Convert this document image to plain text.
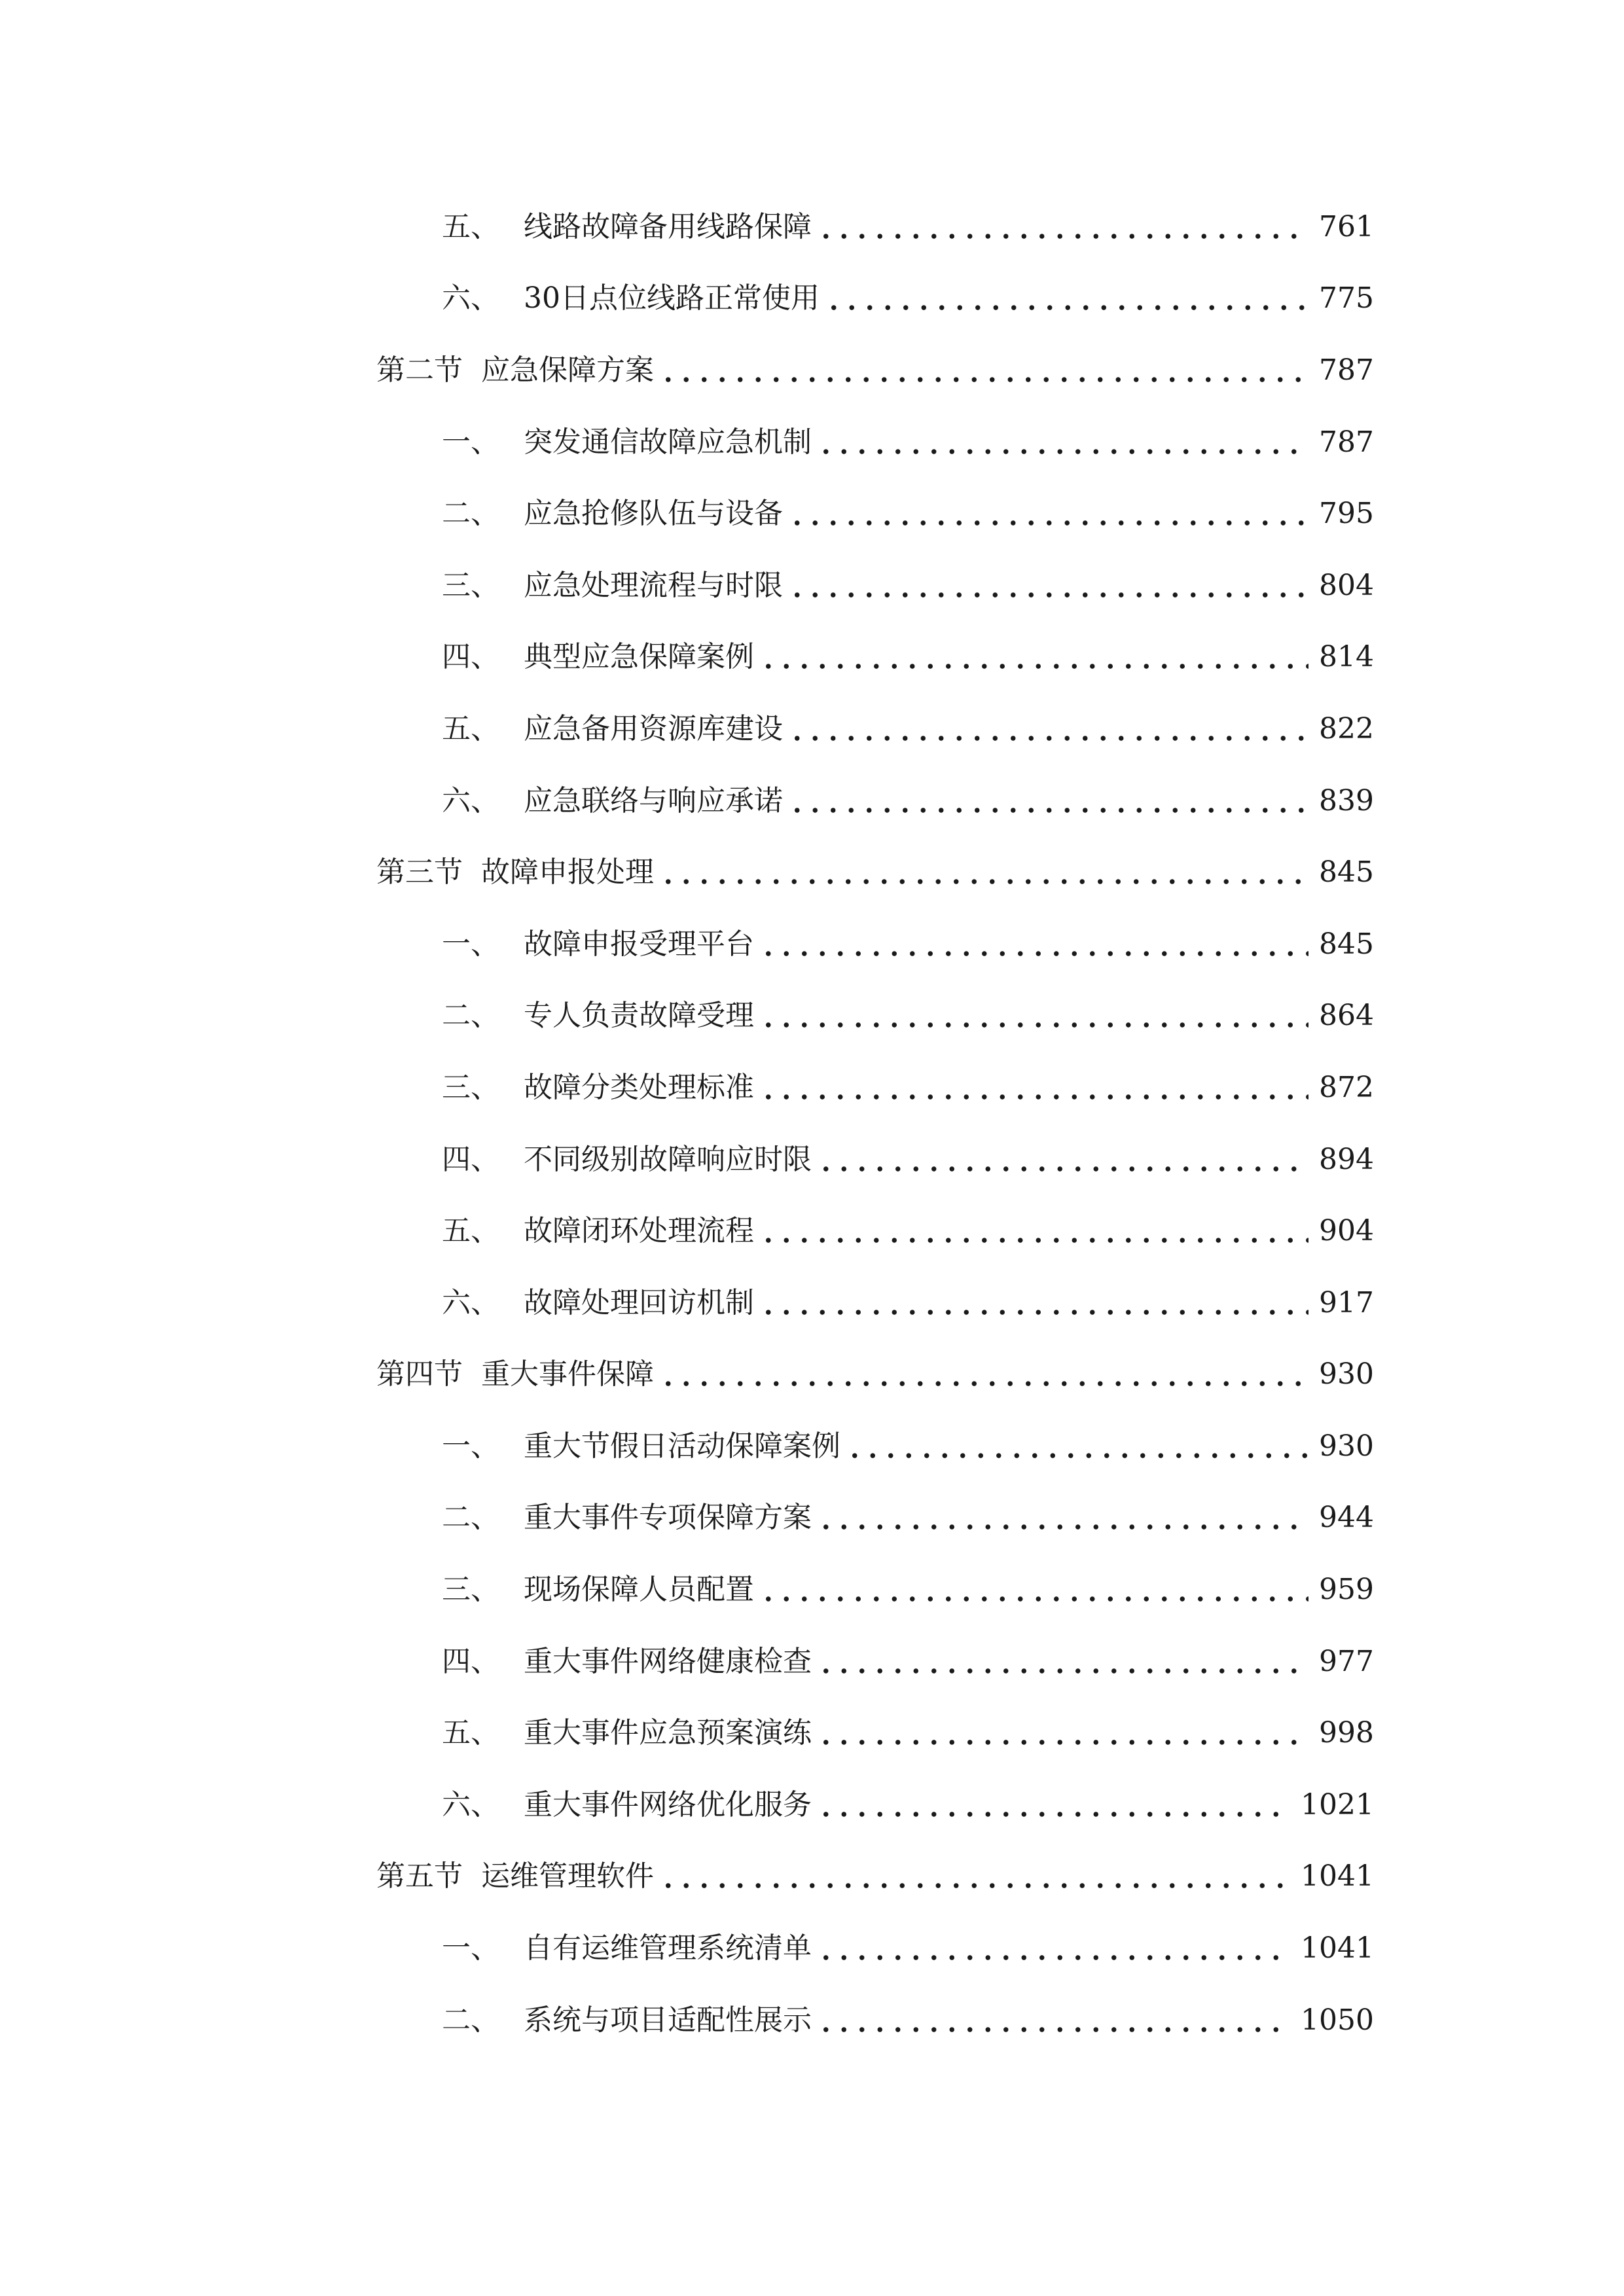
五、 线路故障备用线路保障	761
六、 30日点位线路正常使用	775
第二节 应急保障方案	787
一、 突发通信故障应急机制	787
二、 应急抢修队伍与设备	795
三、 应急处理流程与时限	804
四、 典型应急保障案例	814
五、 应急备用资源库建设	822
六、 应急联络与响应承诺	839
第三节 故障申报处理	845
一、 故障申报受理平台	845
二、 专人负责故障受理	864
三、 故障分类处理标准	872
四、 不同级别故障响应时限	894
五、 故障闭环处理流程	904
六、 故障处理回访机制	917
第四节 重大事件保障	930
一、 重大节假日活动保障案例	930
二、 重大事件专项保障方案	944
三、 现场保障人员配置	959
四、 重大事件网络健康检查	977
五、 重大事件应急预案演练	998
六、 重大事件网络优化服务	1021
第五节 运维管理软件	1041
一、 自有运维管理系统清单	1041
二、 系统与项目适配性展示	1050
